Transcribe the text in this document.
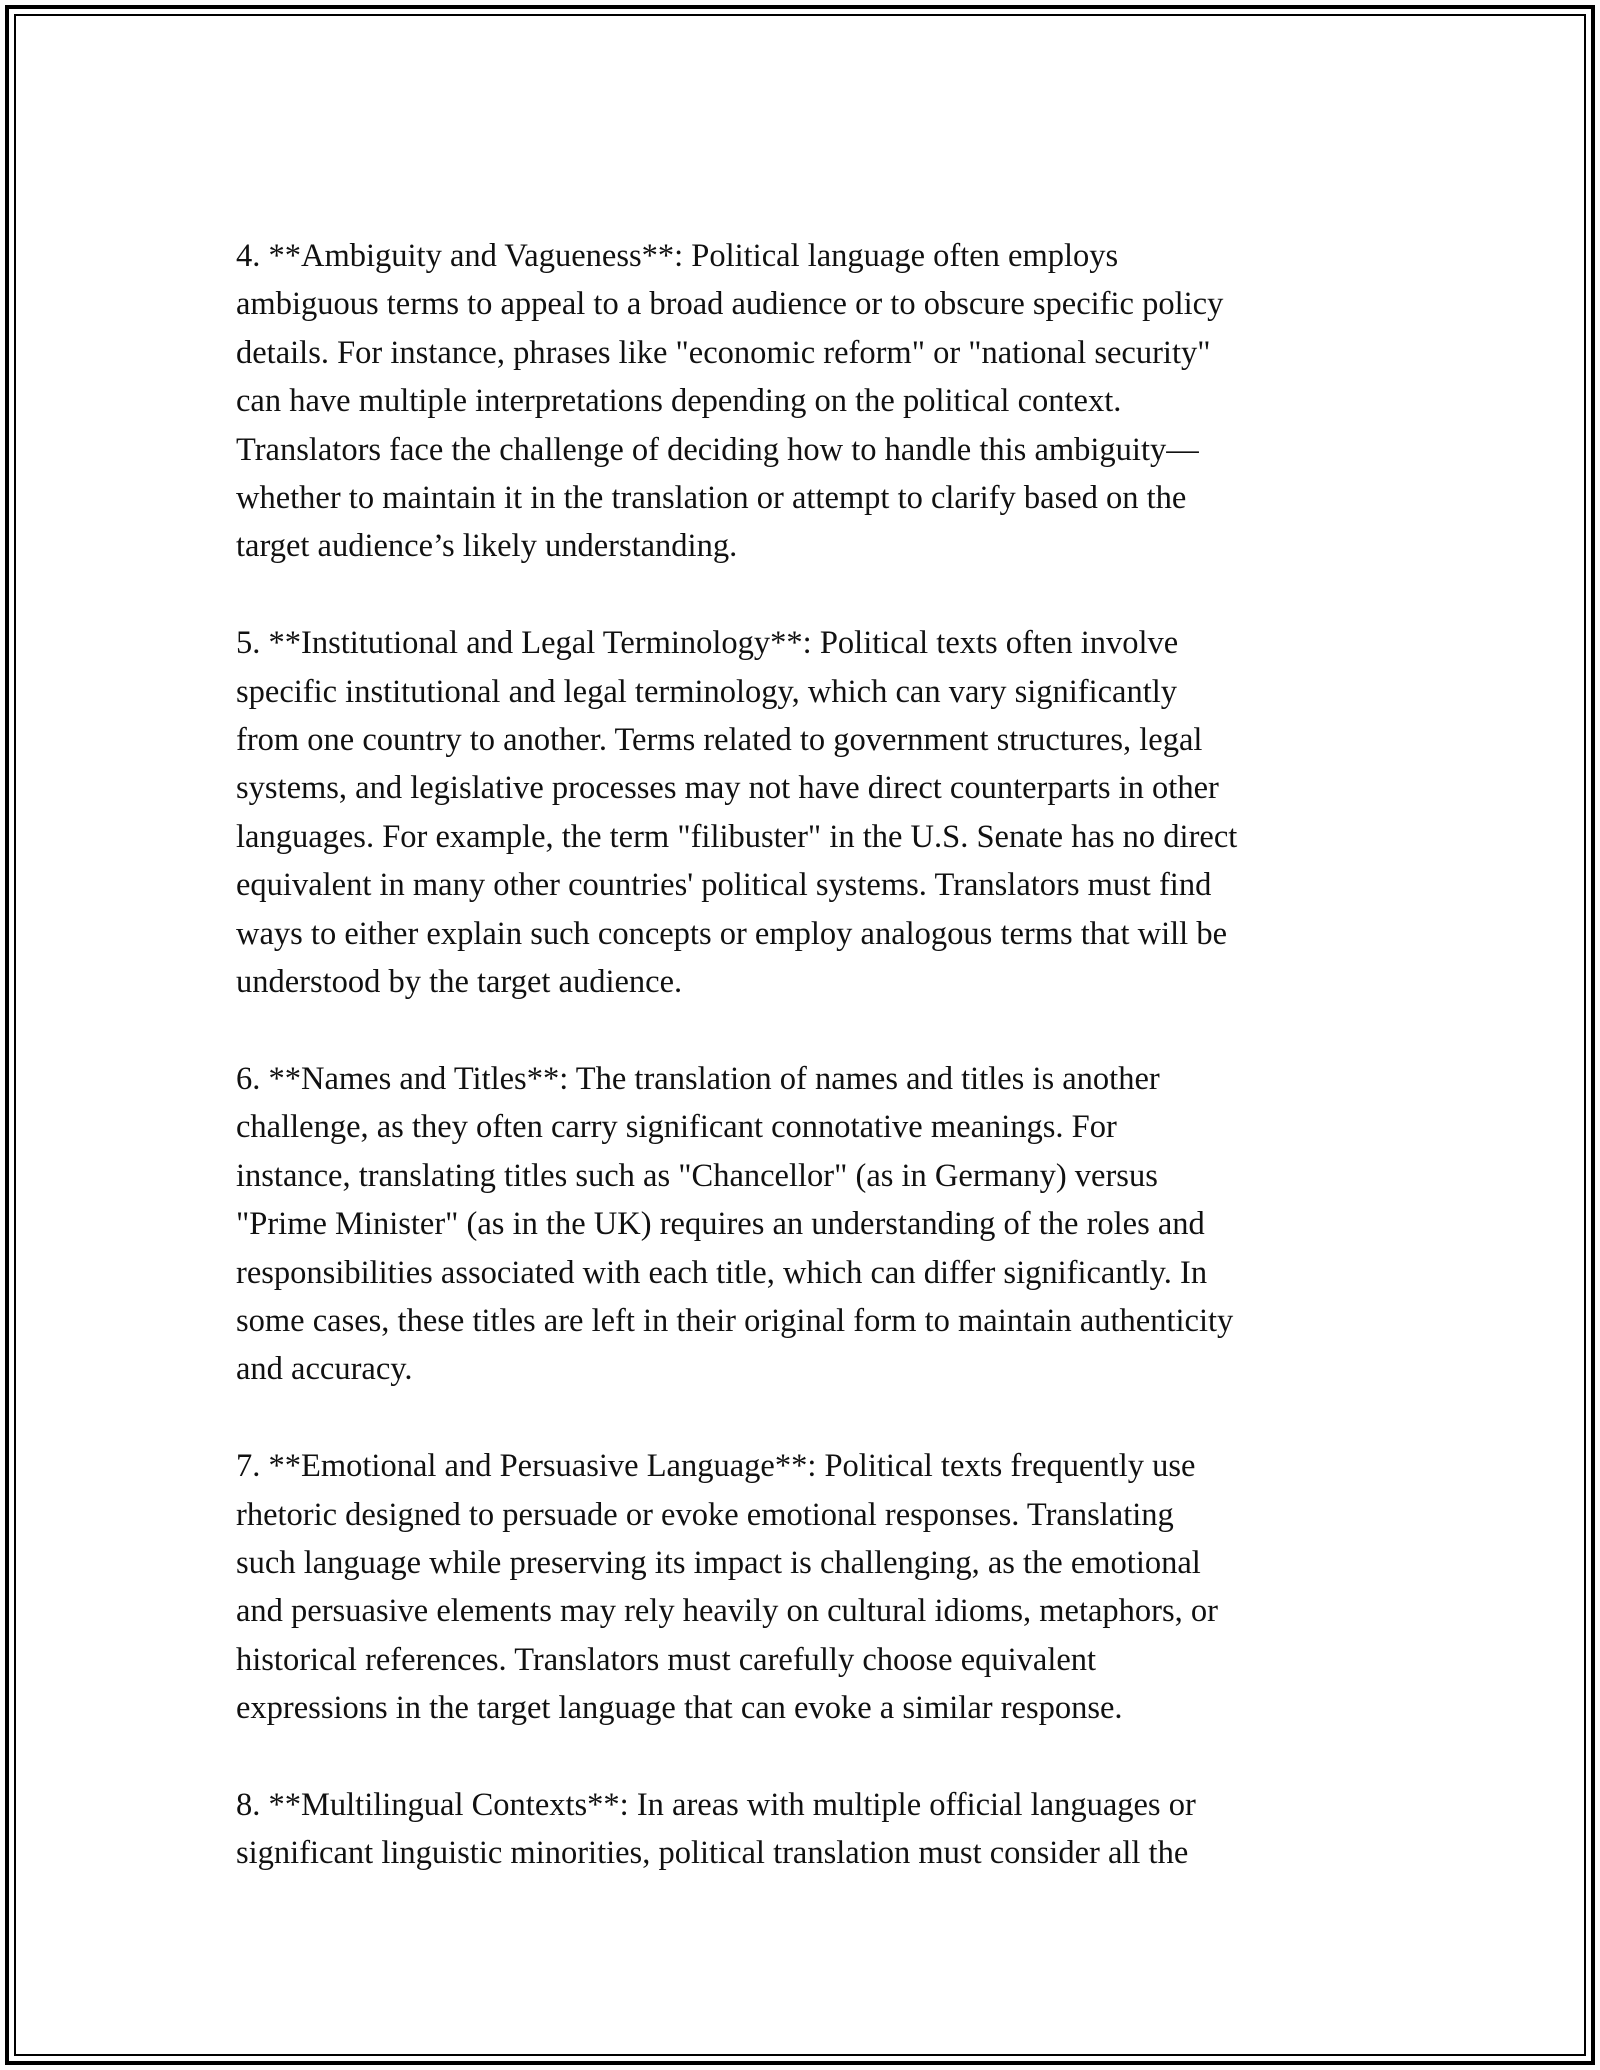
4. **Ambiguity and Vagueness**: Political language often employs
ambiguous terms to appeal to a broad audience or to obscure specific policy
details. For instance, phrases like "economic reform" or "national security"
can have multiple interpretations depending on the political context.
Translators face the challenge of deciding how to handle this ambiguity—
whether to maintain it in the translation or attempt to clarify based on the
target audience’s likely understanding.

5. **Institutional and Legal Terminology**: Political texts often involve
specific institutional and legal terminology, which can vary significantly
from one country to another. Terms related to government structures, legal
systems, and legislative processes may not have direct counterparts in other
languages. For example, the term "filibuster" in the U.S. Senate has no direct
equivalent in many other countries' political systems. Translators must find
ways to either explain such concepts or employ analogous terms that will be
understood by the target audience.

6. **Names and Titles**: The translation of names and titles is another
challenge, as they often carry significant connotative meanings. For
instance, translating titles such as "Chancellor" (as in Germany) versus
"Prime Minister" (as in the UK) requires an understanding of the roles and
responsibilities associated with each title, which can differ significantly. In
some cases, these titles are left in their original form to maintain authenticity
and accuracy.

7. **Emotional and Persuasive Language**: Political texts frequently use
rhetoric designed to persuade or evoke emotional responses. Translating
such language while preserving its impact is challenging, as the emotional
and persuasive elements may rely heavily on cultural idioms, metaphors, or
historical references. Translators must carefully choose equivalent
expressions in the target language that can evoke a similar response.

8. **Multilingual Contexts**: In areas with multiple official languages or
significant linguistic minorities, political translation must consider all the
